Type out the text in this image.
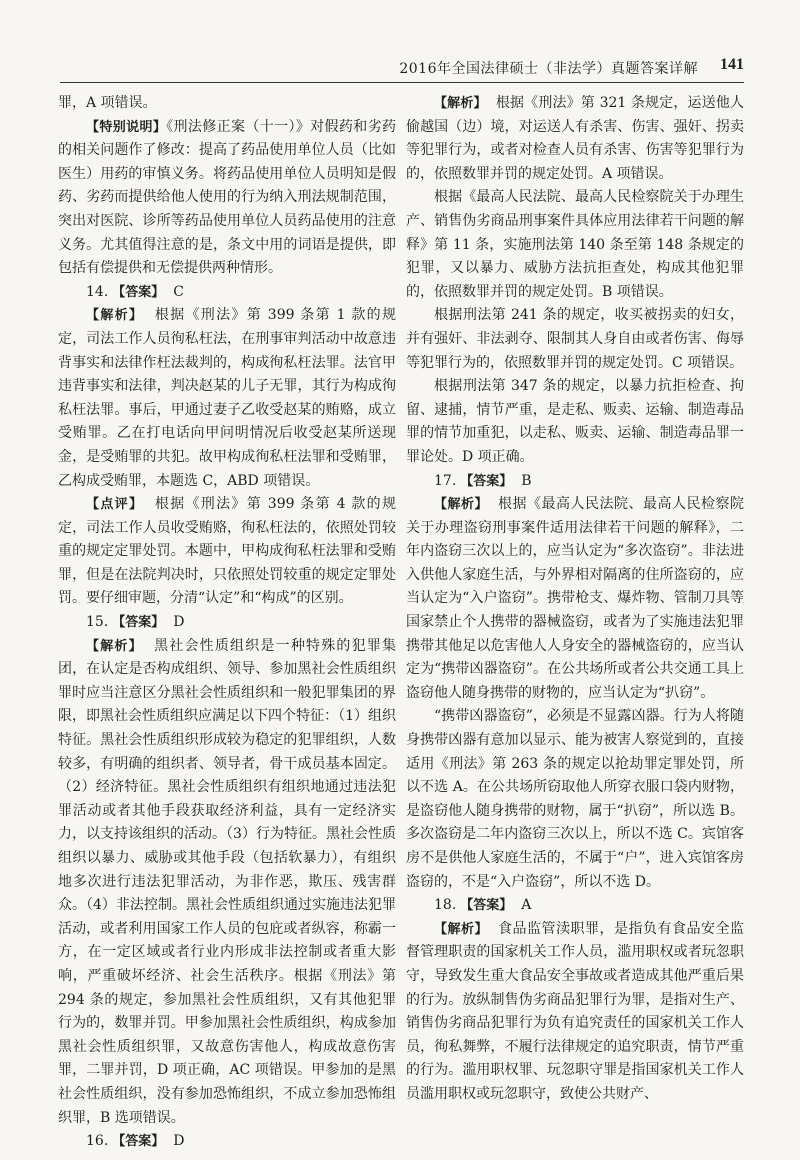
2016年全国法律硕士（非法学）真题答案详解 141

罪，A 项错误。

【特别说明】《刑法修正案（十一）》对假药和劣药的相关问题作了修改：提高了药品使用单位人员（比如医生）用药的审慎义务。将药品使用单位人员明知是假药、劣药而提供给他人使用的行为纳入刑法规制范围，突出对医院、诊所等药品使用单位人员药品使用的注意义务。尤其值得注意的是，条文中用的词语是提供，即包括有偿提供和无偿提供两种情形。

14. 【答案】 C

【解析】 根据《刑法》第 399 条第 1 款的规定，司法工作人员徇私枉法，在刑事审判活动中故意违背事实和法律作枉法裁判的，构成徇私枉法罪。法官甲违背事实和法律，判决赵某的儿子无罪，其行为构成徇私枉法罪。事后，甲通过妻子乙收受赵某的贿赂，成立受贿罪。乙在打电话向甲问明情况后收受赵某所送现金，是受贿罪的共犯。故甲构成徇私枉法罪和受贿罪，乙构成受贿罪，本题选 C，ABD 项错误。

【点评】 根据《刑法》第 399 条第 4 款的规定，司法工作人员收受贿赂，徇私枉法的，依照处罚较重的规定定罪处罚。本题中，甲构成徇私枉法罪和受贿罪，但是在法院判决时，只依照处罚较重的规定定罪处罚。要仔细审题，分清“认定”和“构成”的区别。

15. 【答案】 D

【解析】 黑社会性质组织是一种特殊的犯罪集团，在认定是否构成组织、领导、参加黑社会性质组织罪时应当注意区分黑社会性质组织和一般犯罪集团的界限，即黑社会性质组织应满足以下四个特征：（1）组织特征。黑社会性质组织形成较为稳定的犯罪组织，人数较多，有明确的组织者、领导者，骨干成员基本固定。（2）经济特征。黑社会性质组织有组织地通过违法犯罪活动或者其他手段获取经济利益，具有一定经济实力，以支持该组织的活动。（3）行为特征。黑社会性质组织以暴力、威胁或其他手段（包括软暴力），有组织地多次进行违法犯罪活动，为非作恶，欺压、残害群众。（4）非法控制。黑社会性质组织通过实施违法犯罪活动，或者利用国家工作人员的包庇或者纵容，称霸一方，在一定区域或者行业内形成非法控制或者重大影响，严重破坏经济、社会生活秩序。根据《刑法》第 294 条的规定，参加黑社会性质组织，又有其他犯罪行为的，数罪并罚。甲参加黑社会性质组织，构成参加黑社会性质组织罪，又故意伤害他人，构成故意伤害罪，二罪并罚，D 项正确，AC 项错误。甲参加的是黑社会性质组织，没有参加恐怖组织，不成立参加恐怖组织罪，B 选项错误。

16. 【答案】 D

【解析】 根据《刑法》第 321 条规定，运送他人偷越国（边）境，对运送人有杀害、伤害、强奸、拐卖等犯罪行为，或者对检查人员有杀害、伤害等犯罪行为的，依照数罪并罚的规定处罚。A 项错误。

根据《最高人民法院、最高人民检察院关于办理生产、销售伪劣商品刑事案件具体应用法律若干问题的解释》第 11 条，实施刑法第 140 条至第 148 条规定的犯罪，又以暴力、威胁方法抗拒查处，构成其他犯罪的，依照数罪并罚的规定处罚。B 项错误。

根据刑法第 241 条的规定，收买被拐卖的妇女，并有强奸、非法剥夺、限制其人身自由或者伤害、侮辱等犯罪行为的，依照数罪并罚的规定处罚。C 项错误。

根据刑法第 347 条的规定，以暴力抗拒检查、拘留、逮捕，情节严重，是走私、贩卖、运输、制造毒品罪的情节加重犯，以走私、贩卖、运输、制造毒品罪一罪论处。D 项正确。

17. 【答案】 B

【解析】 根据《最高人民法院、最高人民检察院关于办理盗窃刑事案件适用法律若干问题的解释》，二年内盗窃三次以上的，应当认定为“多次盗窃”。非法进入供他人家庭生活，与外界相对隔离的住所盗窃的，应当认定为“入户盗窃”。携带枪支、爆炸物、管制刀具等国家禁止个人携带的器械盗窃，或者为了实施违法犯罪携带其他足以危害他人人身安全的器械盗窃的，应当认定为“携带凶器盗窃”。在公共场所或者公共交通工具上盗窃他人随身携带的财物的，应当认定为“扒窃”。

“携带凶器盗窃”，必须是不显露凶器。行为人将随身携带凶器有意加以显示、能为被害人察觉到的，直接适用《刑法》第 263 条的规定以抢劫罪定罪处罚，所以不选 A。在公共场所窃取他人所穿衣服口袋内财物，是盗窃他人随身携带的财物，属于“扒窃”，所以选 B。多次盗窃是二年内盗窃三次以上，所以不选 C。宾馆客房不是供他人家庭生活的，不属于“户”，进入宾馆客房盗窃的，不是“入户盗窃”，所以不选 D。

18. 【答案】 A

【解析】 食品监管渎职罪，是指负有食品安全监督管理职责的国家机关工作人员，滥用职权或者玩忽职守，导致发生重大食品安全事故或者造成其他严重后果的行为。放纵制售伪劣商品犯罪行为罪，是指对生产、销售伪劣商品犯罪行为负有追究责任的国家机关工作人员，徇私舞弊，不履行法律规定的追究职责，情节严重的行为。滥用职权罪、玩忽职守罪是指国家机关工作人员滥用职权或玩忽职守，致使公共财产、
